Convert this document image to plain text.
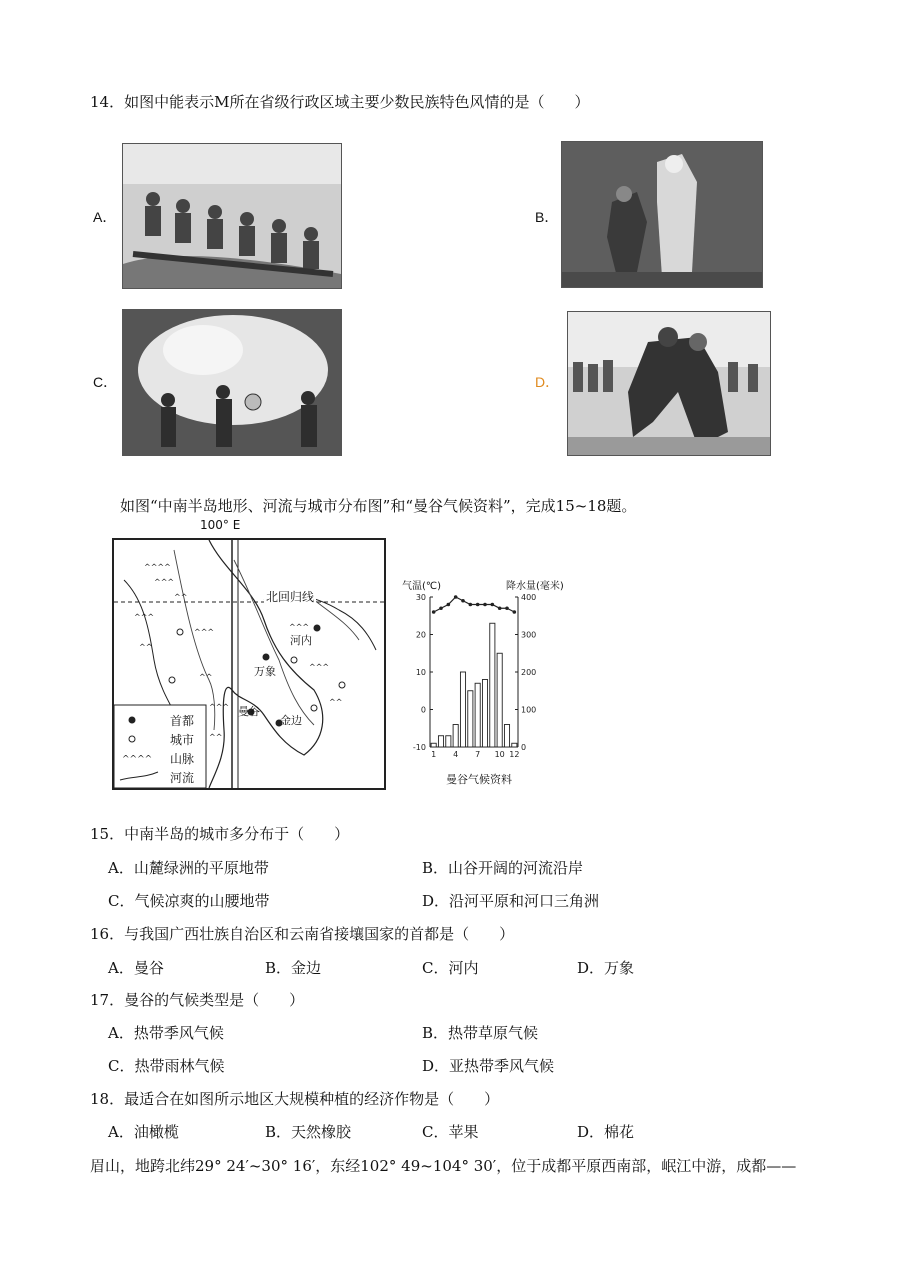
14．如图中能表示M所在省级行政区域主要少数民族特色风情的是（　　）
A．	B．
C．	D．
如图“中南半岛地形、河流与城市分布图”和“曼谷气候资料”，完成15~18题。
^^^^
^^^
^^^
^^
^^^
^^
^^^
^^
^^^
^^^
^^
^^
^^^^
100° E
北回归线
河内
万象
曼谷
金边
首都
城市
山脉
河流
气温(℃)	降水量(毫米)
30
20
10
0
-10
400
300
200
100
0
1 4 7 10 12
曼谷气候资料
15．中南半岛的城市多分布于（　　）
A．山麓绿洲的平原地带	B．山谷开阔的河流沿岸
C．气候凉爽的山腰地带	D．沿河平原和河口三角洲
16．与我国广西壮族自治区和云南省接壤国家的首都是（　　）
A．曼谷	B．金边	C．河内	D．万象
17．曼谷的气候类型是（　　）
A．热带季风气候	B．热带草原气候
C．热带雨林气候	D．亚热带季风气候
18．最适合在如图所示地区大规模种植的经济作物是（　　）
A．油橄榄	B．天然橡胶	C．苹果	D．棉花
眉山，地跨北纬29° 24′~30° 16′，东经102° 49~104° 30′，位于成都平原西南部，岷江中游，成都——
